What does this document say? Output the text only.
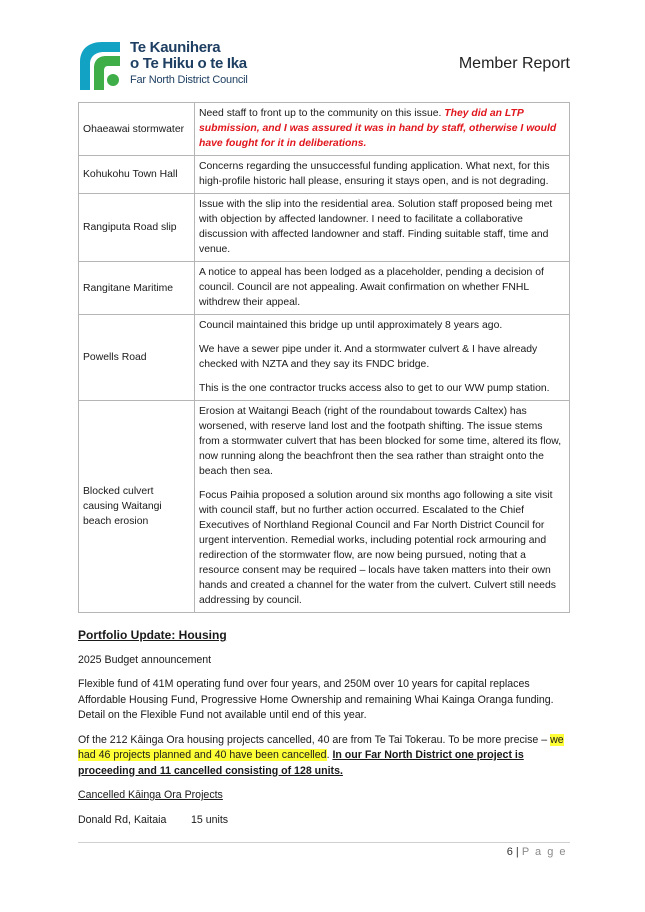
Te Kaunihera
o Te Hiku o te Ika
Far North District Council
Member Report
Ohaeawai stormwater	Need staff to front up to the community on this issue. They did an LTP submission, and I was assured it was in hand by staff, otherwise I would have fought for it in deliberations.

Kohukohu Town Hall	Concerns regarding the unsuccessful funding application. What next, for this high-profile historic hall please, ensuring it stays open, and is not degrading.

Rangiputa Road slip	Issue with the slip into the residential area. Solution staff proposed being met with objection by affected landowner. I need to facilitate a collaborative discussion with affected landowner and staff. Finding suitable staff, time and venue.

Rangitane Maritime	A notice to appeal has been lodged as a placeholder, pending a decision of council. Council are not appealing. Await confirmation on whether FNHL withdrew their appeal.

Powells Road	Council maintained this bridge up until approximately 8 years ago.

We have a sewer pipe under it. And a stormwater culvert & I have already checked with NZTA and they say its FNDC bridge.

This is the one contractor trucks access also to get to our WW pump station.

Blocked culvert causing Waitangi beach erosion	Erosion at Waitangi Beach (right of the roundabout towards Caltex) has worsened, with reserve land lost and the footpath shifting. The issue stems from a stormwater culvert that has been blocked for some time, altered its flow, now running along the beachfront then the sea rather than straight onto the beach then sea.

Focus Paihia proposed a solution around six months ago following a site visit with council staff, but no further action occurred. Escalated to the Chief Executives of Northland Regional Council and Far North District Council for urgent intervention. Remedial works, including potential rock armouring and redirection of the stormwater flow, are now being pursued, noting that a resource consent may be required – locals have taken matters into their own hands and created a channel for the water from the culvert. Culvert still needs addressing by council.

Portfolio Update: Housing

2025 Budget announcement

Flexible fund of 41M operating fund over four years, and 250M over 10 years for capital replaces Affordable Housing Fund, Progressive Home Ownership and remaining Whai Kainga Oranga funding. Detail on the Flexible Fund not available until end of this year.

Of the 212 Kāinga Ora housing projects cancelled, 40 are from Te Tai Tokerau. To be more precise – we had 46 projects planned and 40 have been cancelled. In our Far North District one project is proceeding and 11 cancelled consisting of 128 units.

Cancelled Kāinga Ora Projects

Donald Rd, Kaitaia	15 units
6 | P a g e
